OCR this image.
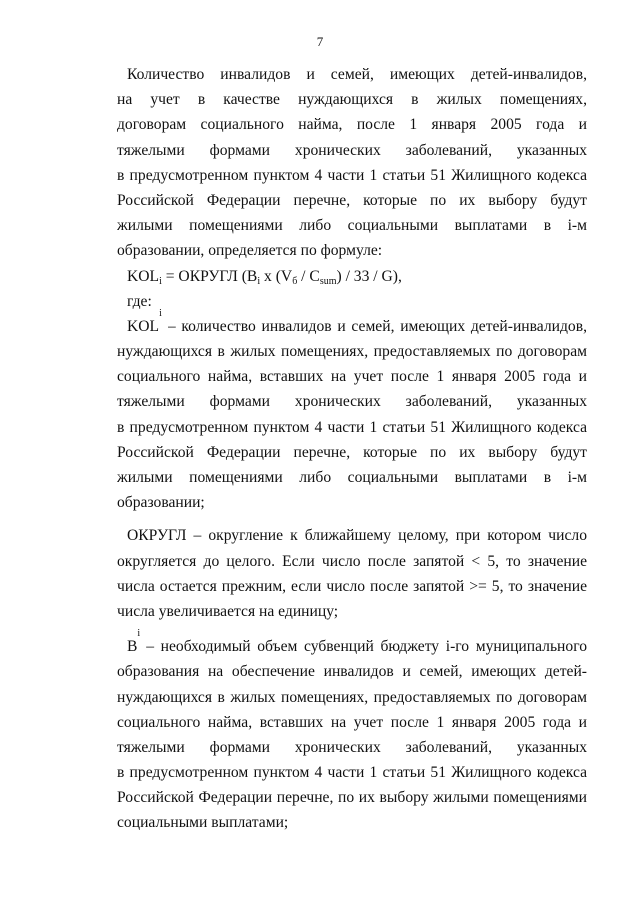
7
Количество инвалидов и семей, имеющих детей-инвалидов,
на учет в качестве нуждающихся в жилых помещениях,
договорам социального найма, после 1 января 2005 года и
тяжелыми формами хронических заболеваний, указанных
в предусмотренном пунктом 4 части 1 статьи 51 Жилищного кодекса
Российской Федерации перечне, которые по их выбору будут
жилыми помещениями либо социальными выплатами в i-м
образовании, определяется по формуле:
$KOL_i$ = ОКРУГЛ ($B_i$ x $(V_б / C_{sum}) / 33 / G$),
где:
KOL
i
– количество инвалидов и семей, имеющих детей-инвалидов,
нуждающихся в жилых помещениях, предоставляемых по договорам
социального найма, вставших на учет после 1 января 2005 года и
тяжелыми формами хронических заболеваний, указанных
в предусмотренном пунктом 4 части 1 статьи 51 Жилищного кодекса
Российской Федерации перечне, которые по их выбору будут
жилыми помещениями либо социальными выплатами в i-м
образовании;
ОКРУГЛ – округление к ближайшему целому, при котором число
округляется до целого. Если число после запятой < 5, то значение
числа остается прежним, если число после запятой >= 5, то значение
числа увеличивается на единицу;
B
i
– необходимый объем субвенций бюджету i-го муниципального
образования на обеспечение инвалидов и семей, имеющих детей-
нуждающихся в жилых помещениях, предоставляемых по договорам
социального найма, вставших на учет после 1 января 2005 года и
тяжелыми формами хронических заболеваний, указанных
в предусмотренном пунктом 4 части 1 статьи 51 Жилищного кодекса
Российской Федерации перечне, по их выбору жилыми помещениями
социальными выплатами;
